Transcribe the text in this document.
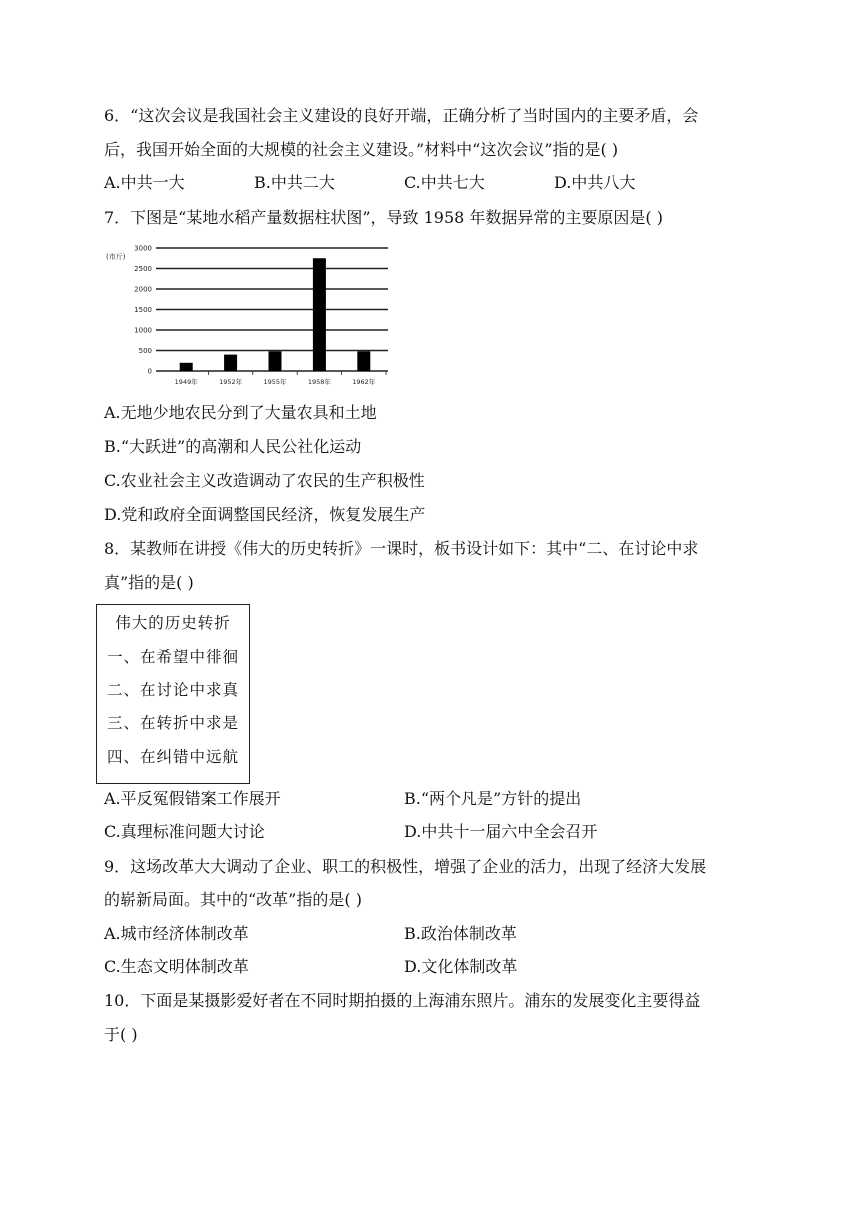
6．“这次会议是我国社会主义建设的良好开端，正确分析了当时国内的主要矛盾，会
后，我国开始全面的大规模的社会主义建设。”材料中“这次会议”指的是( )
A.中共一大	B.中共二大	C.中共七大	D.中共八大
7．下图是“某地水稻产量数据柱状图”，导致 1958 年数据异常的主要原因是( )
0
500
1000
1500
2000
2500
3000
1949年	1952年	1955年	1958年	1962年
(市斤)
A.无地少地农民分到了大量农具和土地
B.“大跃进”的高潮和人民公社化运动
C.农业社会主义改造调动了农民的生产积极性
D.党和政府全面调整国民经济，恢复发展生产
8．某教师在讲授《伟大的历史转折》一课时，板书设计如下：其中“二、在讨论中求
真”指的是( )
伟大的历史转折
一、在希望中徘徊
二、在讨论中求真
三、在转折中求是
四、在纠错中远航
A.平反冤假错案工作展开	B.“两个凡是”方针的提出
C.真理标准问题大讨论	D.中共十一届六中全会召开
9．这场改革大大调动了企业、职工的积极性，增强了企业的活力，出现了经济大发展
的崭新局面。其中的“改革”指的是( )
A.城市经济体制改革	B.政治体制改革
C.生态文明体制改革	D.文化体制改革
10．下面是某摄影爱好者在不同时期拍摄的上海浦东照片。浦东的发展变化主要得益
于( )
